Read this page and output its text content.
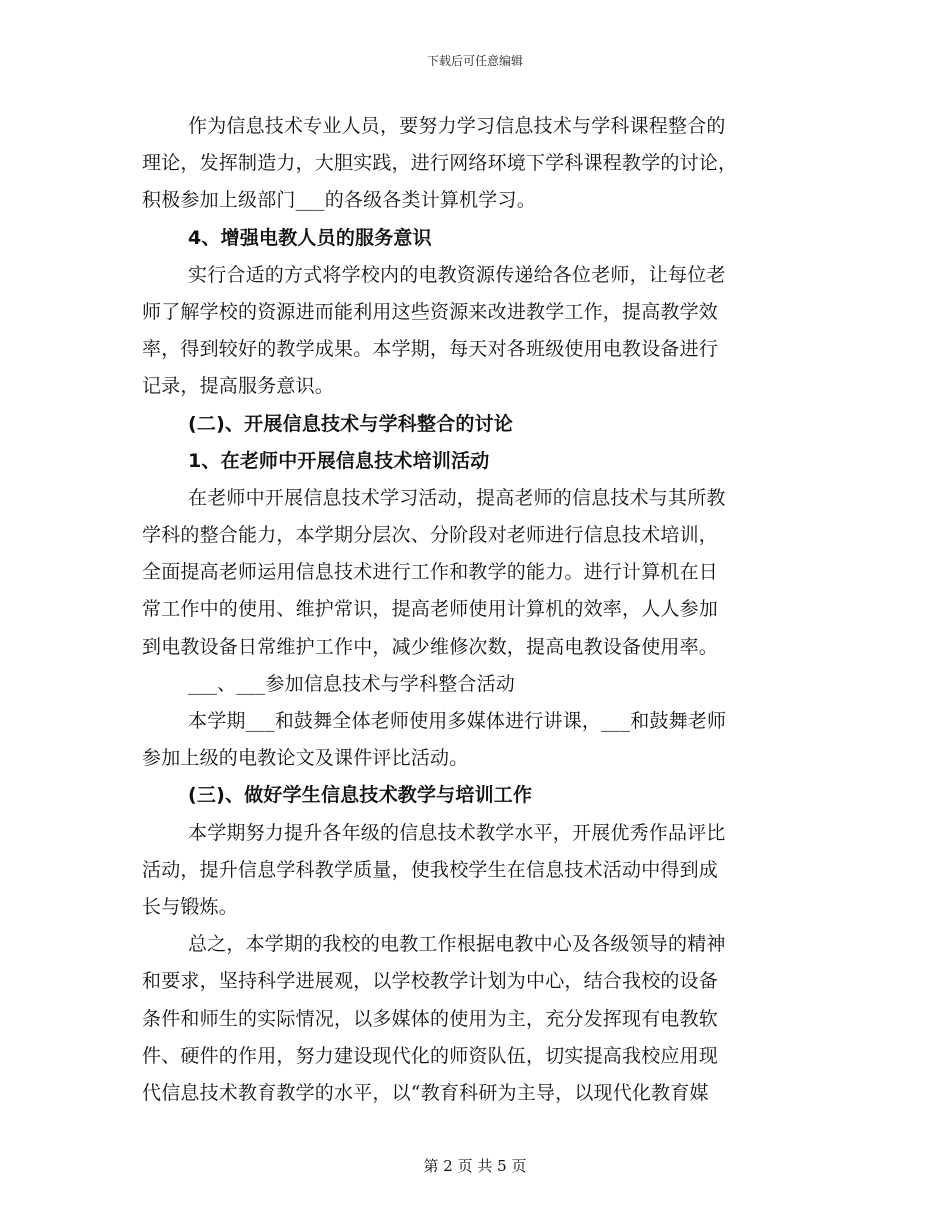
下载后可任意编辑
作为信息技术专业人员，要努力学习信息技术与学科课程整合的
理论，发挥制造力，大胆实践，进行网络环境下学科课程教学的讨论，
积极参加上级部门___的各级各类计算机学习。
4、增强电教人员的服务意识
实行合适的方式将学校内的电教资源传递给各位老师，让每位老
师了解学校的资源进而能利用这些资源来改进教学工作，提高教学效
率，得到较好的教学成果。本学期，每天对各班级使用电教设备进行
记录，提高服务意识。
(二)、开展信息技术与学科整合的讨论
1、在老师中开展信息技术培训活动
在老师中开展信息技术学习活动，提高老师的信息技术与其所教
学科的整合能力，本学期分层次、分阶段对老师进行信息技术培训，
全面提高老师运用信息技术进行工作和教学的能力。进行计算机在日
常工作中的使用、维护常识，提高老师使用计算机的效率，人人参加
到电教设备日常维护工作中，减少维修次数，提高电教设备使用率。
___、___参加信息技术与学科整合活动
本学期___和鼓舞全体老师使用多媒体进行讲课，___和鼓舞老师
参加上级的电教论文及课件评比活动。
(三)、做好学生信息技术教学与培训工作
本学期努力提升各年级的信息技术教学水平，开展优秀作品评比
活动，提升信息学科教学质量，使我校学生在信息技术活动中得到成
长与锻炼。
总之，本学期的我校的电教工作根据电教中心及各级领导的精神
和要求，坚持科学进展观，以学校教学计划为中心，结合我校的设备
条件和师生的实际情况，以多媒体的使用为主，充分发挥现有电教软
件、硬件的作用，努力建设现代化的师资队伍，切实提高我校应用现
代信息技术教育教学的水平，以“教育科研为主导，以现代化教育媒
第 2 页 共 5 页
